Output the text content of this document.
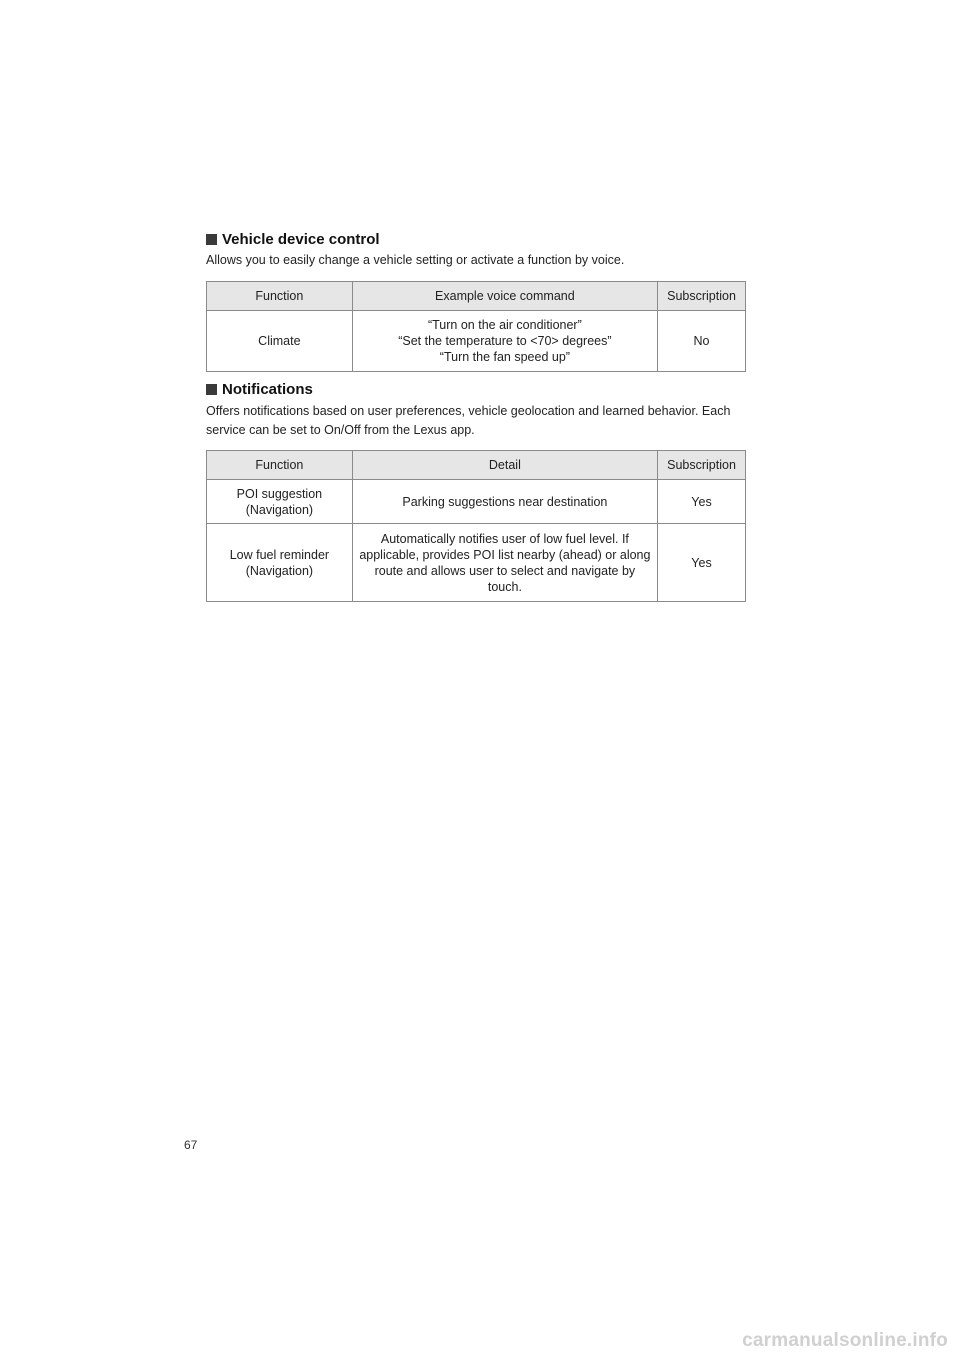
Vehicle device control
Allows you to easily change a vehicle setting or activate a function by voice.
Function	Example voice command	Subscription
Climate	“Turn on the air conditioner”
“Set the temperature to <70> degrees”
“Turn the fan speed up”	No
Notifications
Offers notifications based on user preferences, vehicle geolocation and learned behavior. Each service can be set to On/Off from the Lexus app.
Function	Detail	Subscription
POI suggestion
(Navigation)	Parking suggestions near destination	Yes
Low fuel reminder
(Navigation)	Automatically notifies user of low fuel level. If applicable, provides POI list nearby (ahead) or along route and allows user to select and navigate by touch.	Yes
67
carmanualsonline.info
